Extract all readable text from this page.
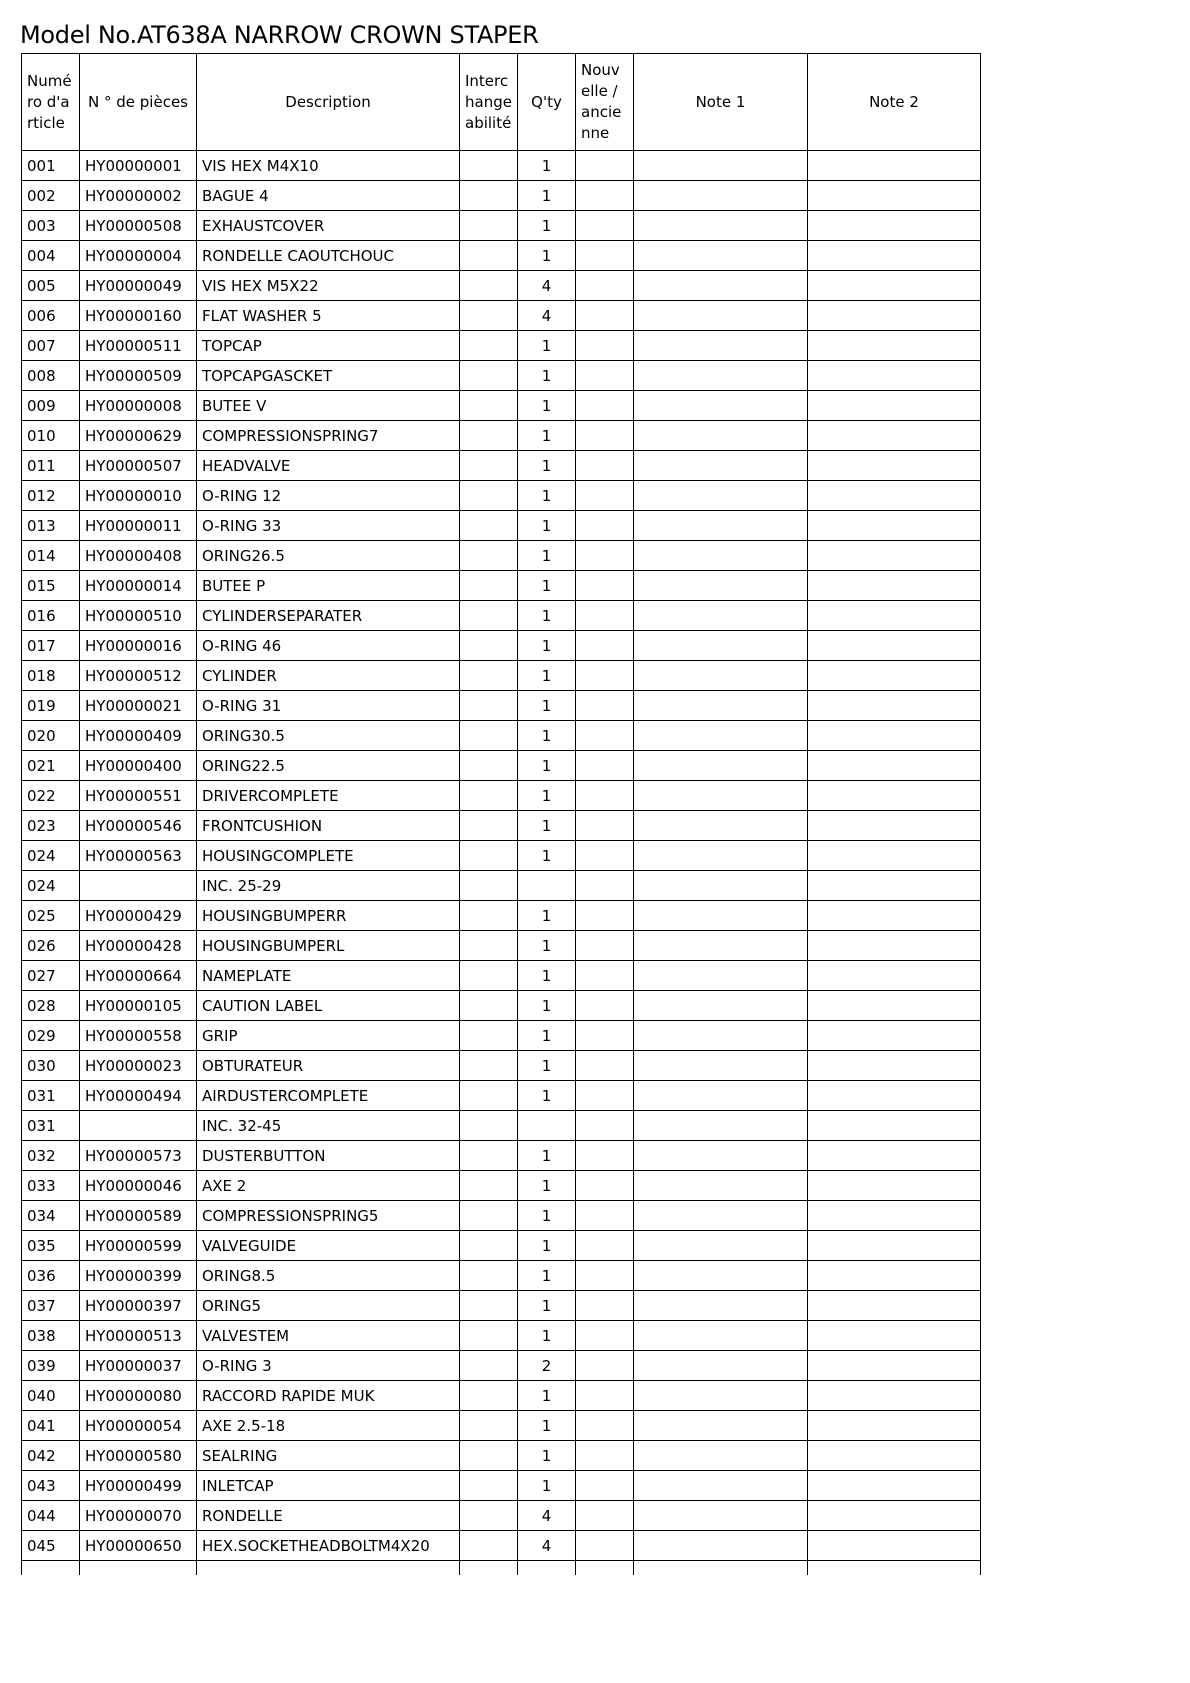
Model No.AT638A NARROW CROWN STAPER
Numéro d'article	N ° de pièces	Description	Interchangeabilité	Q'ty	Nouvelle / ancienne	Note 1	Note 2
001	HY00000001	VIS HEX M4X10		1			
002	HY00000002	BAGUE 4		1			
003	HY00000508	EXHAUSTCOVER		1			
004	HY00000004	RONDELLE CAOUTCHOUC		1			
005	HY00000049	VIS HEX M5X22		4			
006	HY00000160	FLAT WASHER 5		4			
007	HY00000511	TOPCAP		1			
008	HY00000509	TOPCAPGASCKET		1			
009	HY00000008	BUTEE V		1			
010	HY00000629	COMPRESSIONSPRING7		1			
011	HY00000507	HEADVALVE		1			
012	HY00000010	O-RING 12		1			
013	HY00000011	O-RING 33		1			
014	HY00000408	ORING26.5		1			
015	HY00000014	BUTEE P		1			
016	HY00000510	CYLINDERSEPARATER		1			
017	HY00000016	O-RING 46		1			
018	HY00000512	CYLINDER		1			
019	HY00000021	O-RING 31		1			
020	HY00000409	ORING30.5		1			
021	HY00000400	ORING22.5		1			
022	HY00000551	DRIVERCOMPLETE		1			
023	HY00000546	FRONTCUSHION		1			
024	HY00000563	HOUSINGCOMPLETE		1			
024		INC. 25-29					
025	HY00000429	HOUSINGBUMPERR		1			
026	HY00000428	HOUSINGBUMPERL		1			
027	HY00000664	NAMEPLATE		1			
028	HY00000105	CAUTION LABEL		1			
029	HY00000558	GRIP		1			
030	HY00000023	OBTURATEUR		1			
031	HY00000494	AIRDUSTERCOMPLETE		1			
031		INC. 32-45					
032	HY00000573	DUSTERBUTTON		1			
033	HY00000046	AXE 2		1			
034	HY00000589	COMPRESSIONSPRING5		1			
035	HY00000599	VALVEGUIDE		1			
036	HY00000399	ORING8.5		1			
037	HY00000397	ORING5		1			
038	HY00000513	VALVESTEM		1			
039	HY00000037	O-RING 3		2			
040	HY00000080	RACCORD RAPIDE MUK		1			
041	HY00000054	AXE 2.5-18		1			
042	HY00000580	SEALRING		1			
043	HY00000499	INLETCAP		1			
044	HY00000070	RONDELLE		4			
045	HY00000650	HEX.SOCKETHEADBOLTM4X20		4			
